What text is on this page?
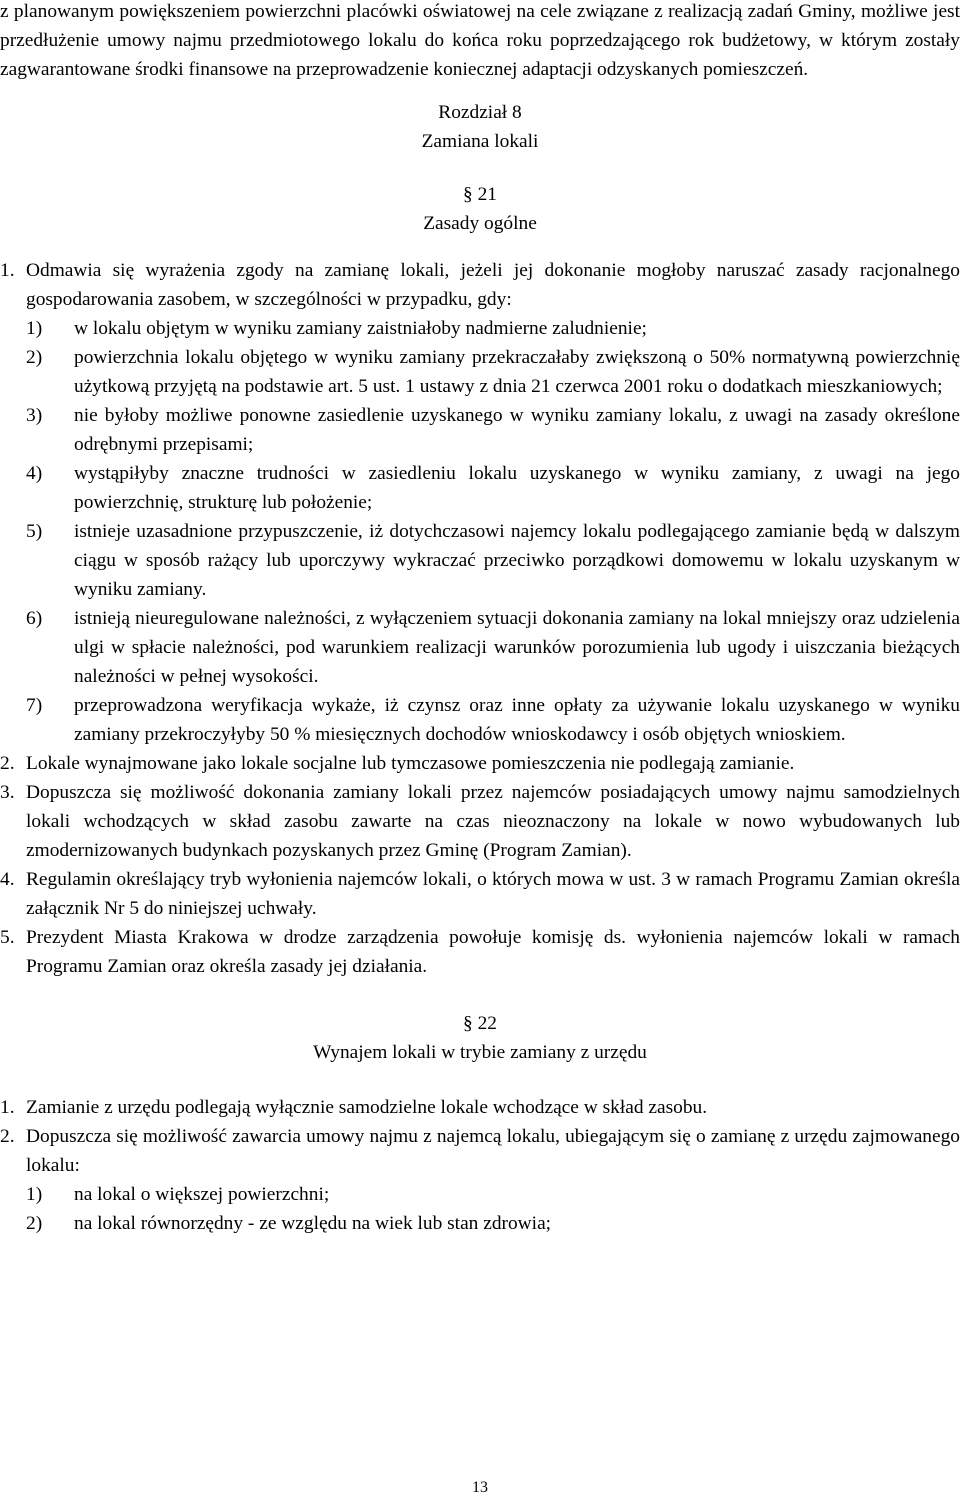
z planowanym powiększeniem powierzchni placówki oświatowej na cele związane z realizacją zadań Gminy, możliwe jest przedłużenie umowy najmu przedmiotowego lokalu do końca roku poprzedzającego rok budżetowy, w którym zostały zagwarantowane środki finansowe na przeprowadzenie koniecznej adaptacji odzyskanych pomieszczeń.
Rozdział 8
Zamiana lokali
§ 21
Zasady ogólne
1. Odmawia się wyrażenia zgody na zamianę lokali, jeżeli jej dokonanie mogłoby naruszać zasady racjonalnego gospodarowania zasobem, w szczególności w przypadku, gdy:
1)	w lokalu objętym w wyniku zamiany zaistniałoby nadmierne zaludnienie;
2)	powierzchnia lokalu objętego w wyniku zamiany przekraczałaby zwiększoną o 50% normatywną powierzchnię użytkową przyjętą na podstawie art. 5 ust. 1 ustawy z dnia 21 czerwca 2001 roku o dodatkach mieszkaniowych;
3)	nie byłoby możliwe ponowne zasiedlenie uzyskanego w wyniku zamiany lokalu, z uwagi na zasady określone odrębnymi przepisami;
4)	wystąpiłyby znaczne trudności w zasiedleniu lokalu uzyskanego w wyniku zamiany, z uwagi na jego powierzchnię, strukturę lub położenie;
5)	istnieje uzasadnione przypuszczenie, iż dotychczasowi najemcy lokalu podlegającego zamianie będą w dalszym ciągu w sposób rażący lub uporczywy wykraczać przeciwko porządkowi domowemu w lokalu uzyskanym w wyniku zamiany.
6)	istnieją nieuregulowane należności, z wyłączeniem sytuacji dokonania zamiany na lokal mniejszy oraz udzielenia ulgi w spłacie należności, pod warunkiem realizacji warunków porozumienia lub ugody i uiszczania bieżących należności w pełnej wysokości.
7)	przeprowadzona weryfikacja wykaże, iż czynsz oraz inne opłaty za używanie lokalu uzyskanego w wyniku zamiany przekroczyłyby 50 % miesięcznych dochodów wnioskodawcy i osób objętych wnioskiem.
2. Lokale wynajmowane jako lokale socjalne lub tymczasowe pomieszczenia nie podlegają zamianie.
3. Dopuszcza się możliwość dokonania zamiany lokali przez najemców posiadających umowy najmu samodzielnych lokali wchodzących w skład zasobu zawarte na czas nieoznaczony na lokale w nowo wybudowanych lub zmodernizowanych budynkach pozyskanych przez Gminę (Program Zamian).
4. Regulamin określający tryb wyłonienia najemców lokali, o których mowa w ust. 3 w ramach Programu Zamian określa załącznik Nr 5 do niniejszej uchwały.
5. Prezydent Miasta Krakowa w drodze zarządzenia powołuje komisję ds. wyłonienia najemców lokali w ramach Programu Zamian oraz określa zasady jej działania.
§ 22
Wynajem lokali w trybie zamiany z urzędu
1. Zamianie z urzędu podlegają wyłącznie samodzielne lokale wchodzące w skład zasobu.
2. Dopuszcza się możliwość zawarcia umowy najmu z najemcą lokalu, ubiegającym się o zamianę z urzędu zajmowanego lokalu:
1)	na lokal o większej powierzchni;
2)	na lokal równorzędny - ze względu na wiek lub stan zdrowia;
13
